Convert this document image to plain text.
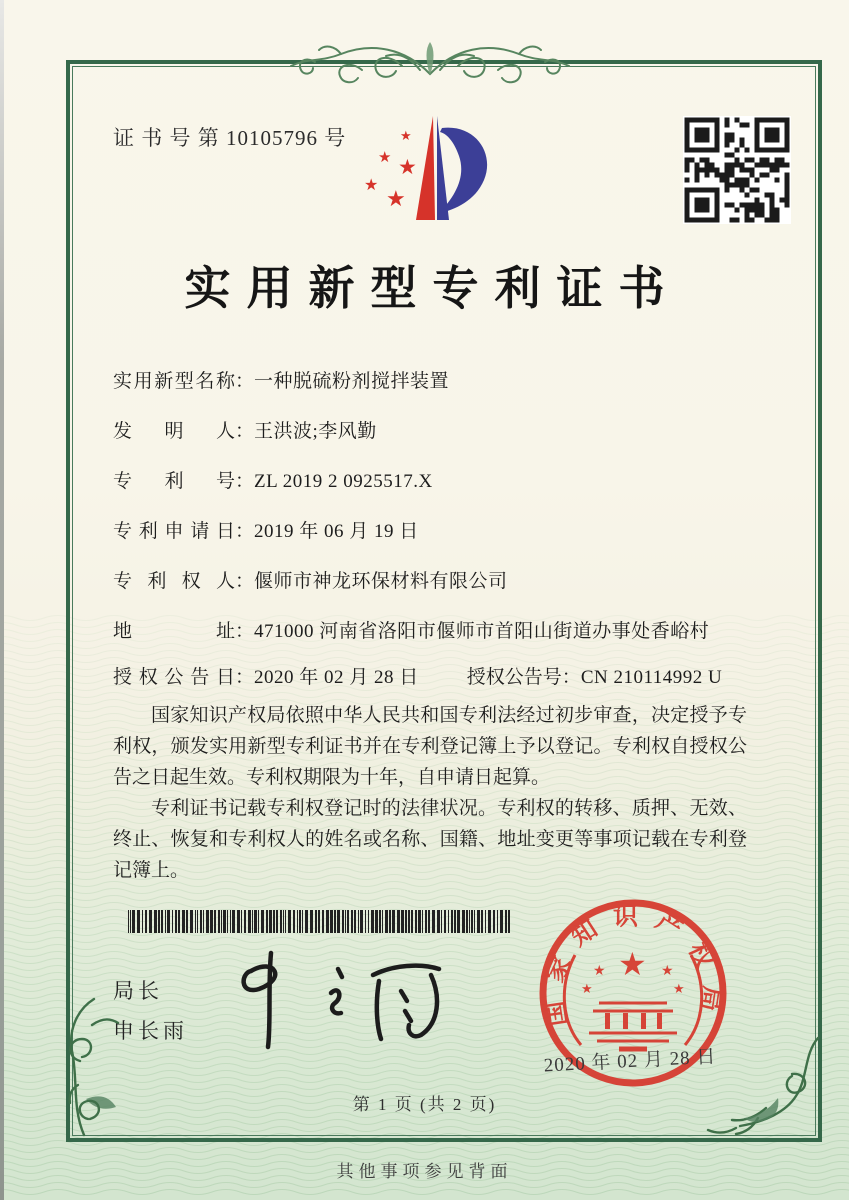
★
★ ★
★
★
证 书 号 第 10105796 号
实用新型专利证书
实用新型名称 ： 一种脱硫粉剂搅拌装置
发明人 ： 王洪波;李风勤
专利号 ： ZL 2019 2 0925517.X
专利申请日 ： 2019 年 06 月 19 日
专利权人 ： 偃师市神龙环保材料有限公司
地址 ： 471000 河南省洛阳市偃师市首阳山街道办事处香峪村
授权公告日 ： 2020 年 02 月 28 日	授权公告号 ： CN 210114992 U

国家知识产权局依照中华人民共和国专利法经过初步审查，决定授予专利权，颁发实用新型专利证书并在专利登记簿上予以登记。专利权自授权公告之日起生效。专利权期限为十年，自申请日起算。

专利证书记载专利权登记时的法律状况。专利权的转移、质押、无效、终止、恢复和专利权人的姓名或名称、国籍、地址变更等事项记载在专利登记簿上。

局长
申长雨
国家知识产权局
★
★	★
★	★
2020 年 02 月 28 日
第 1 页 (共 2 页)
其他事项参见背面
